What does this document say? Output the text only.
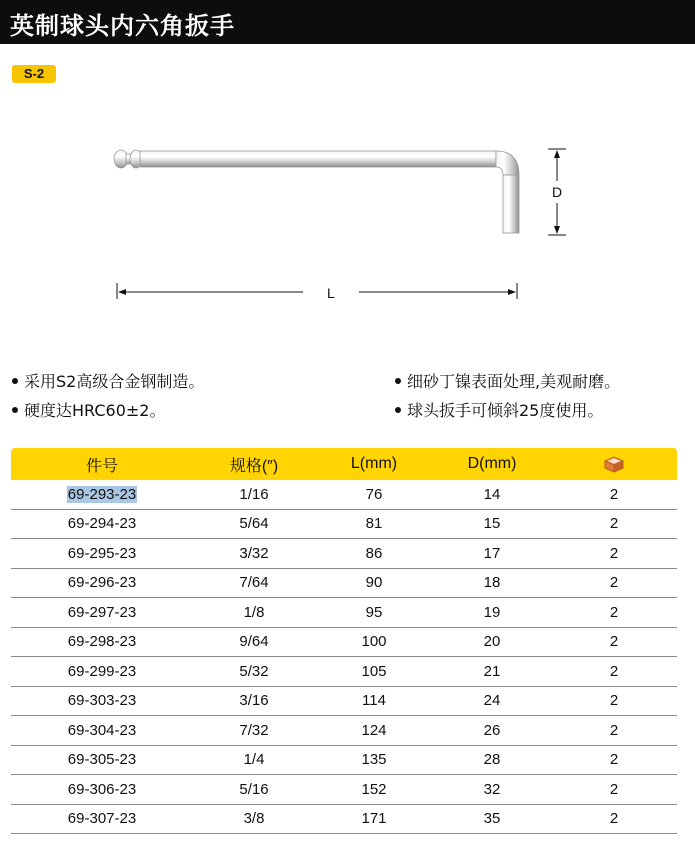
英制球头内六角扳手
S-2
D
L
采用S2高级合金钢制造。	细砂丁镍表面处理,美观耐磨。
硬度达HRC60±2。	球头扳手可倾斜25度使用。
件号	规格(″)	L(mm)	D(mm)	
69-293-23	1/16	76	14	2
69-294-23	5/64	81	15	2
69-295-23	3/32	86	17	2
69-296-23	7/64	90	18	2
69-297-23	1/8	95	19	2
69-298-23	9/64	100	20	2
69-299-23	5/32	105	21	2
69-303-23	3/16	114	24	2
69-304-23	7/32	124	26	2
69-305-23	1/4	135	28	2
69-306-23	5/16	152	32	2
69-307-23	3/8	171	35	2
